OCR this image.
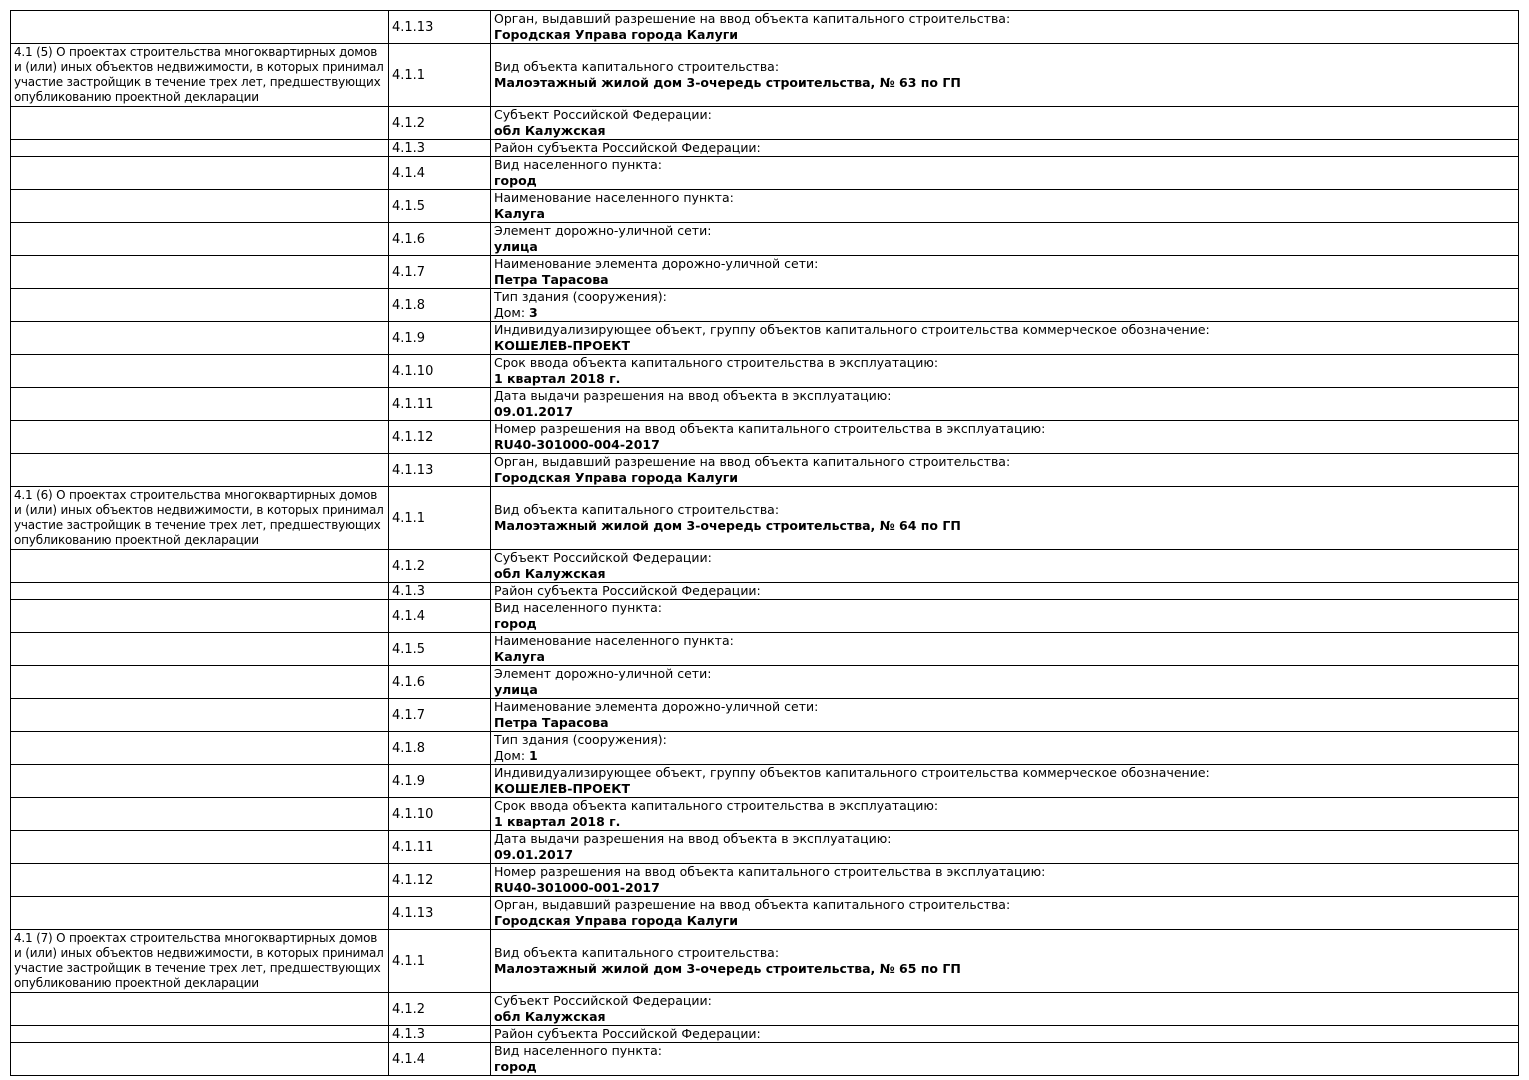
	4.1.13	Орган, выдавший разрешение на ввод объекта капитального строительства:
Городская Управа города Калуги

4.1 (5) О проектах строительства многоквартирных домов и (или) иных объектов недвижимости, в которых принимал участие застройщик в течение трех лет, предшествующих опубликованию проектной декларации	4.1.1	Вид объекта капитального строительства:
Малоэтажный жилой дом 3-очередь строительства, № 63 по ГП

	4.1.2	Субъект Российской Федерации:
обл Калужская

	4.1.3	Район субъекта Российской Федерации:

	4.1.4	Вид населенного пункта:
город

	4.1.5	Наименование населенного пункта:
Калуга

	4.1.6	Элемент дорожно-уличной сети:
улица

	4.1.7	Наименование элемента дорожно-уличной сети:
Петра Тарасова

	4.1.8	Тип здания (сооружения):
Дом: 3

	4.1.9	Индивидуализирующее объект, группу объектов капитального строительства коммерческое обозначение:
КОШЕЛЕВ-ПРОЕКТ

	4.1.10	Срок ввода объекта капитального строительства в эксплуатацию:
1 квартал 2018 г.

	4.1.11	Дата выдачи разрешения на ввод объекта в эксплуатацию:
09.01.2017

	4.1.12	Номер разрешения на ввод объекта капитального строительства в эксплуатацию:
RU40-301000-004-2017

	4.1.13	Орган, выдавший разрешение на ввод объекта капитального строительства:
Городская Управа города Калуги

4.1 (6) О проектах строительства многоквартирных домов и (или) иных объектов недвижимости, в которых принимал участие застройщик в течение трех лет, предшествующих опубликованию проектной декларации	4.1.1	Вид объекта капитального строительства:
Малоэтажный жилой дом 3-очередь строительства, № 64 по ГП

	4.1.2	Субъект Российской Федерации:
обл Калужская

	4.1.3	Район субъекта Российской Федерации:

	4.1.4	Вид населенного пункта:
город

	4.1.5	Наименование населенного пункта:
Калуга

	4.1.6	Элемент дорожно-уличной сети:
улица

	4.1.7	Наименование элемента дорожно-уличной сети:
Петра Тарасова

	4.1.8	Тип здания (сооружения):
Дом: 1

	4.1.9	Индивидуализирующее объект, группу объектов капитального строительства коммерческое обозначение:
КОШЕЛЕВ-ПРОЕКТ

	4.1.10	Срок ввода объекта капитального строительства в эксплуатацию:
1 квартал 2018 г.

	4.1.11	Дата выдачи разрешения на ввод объекта в эксплуатацию:
09.01.2017

	4.1.12	Номер разрешения на ввод объекта капитального строительства в эксплуатацию:
RU40-301000-001-2017

	4.1.13	Орган, выдавший разрешение на ввод объекта капитального строительства:
Городская Управа города Калуги

4.1 (7) О проектах строительства многоквартирных домов и (или) иных объектов недвижимости, в которых принимал участие застройщик в течение трех лет, предшествующих опубликованию проектной декларации	4.1.1	Вид объекта капитального строительства:
Малоэтажный жилой дом 3-очередь строительства, № 65 по ГП

	4.1.2	Субъект Российской Федерации:
обл Калужская

	4.1.3	Район субъекта Российской Федерации:

	4.1.4	Вид населенного пункта:
город
